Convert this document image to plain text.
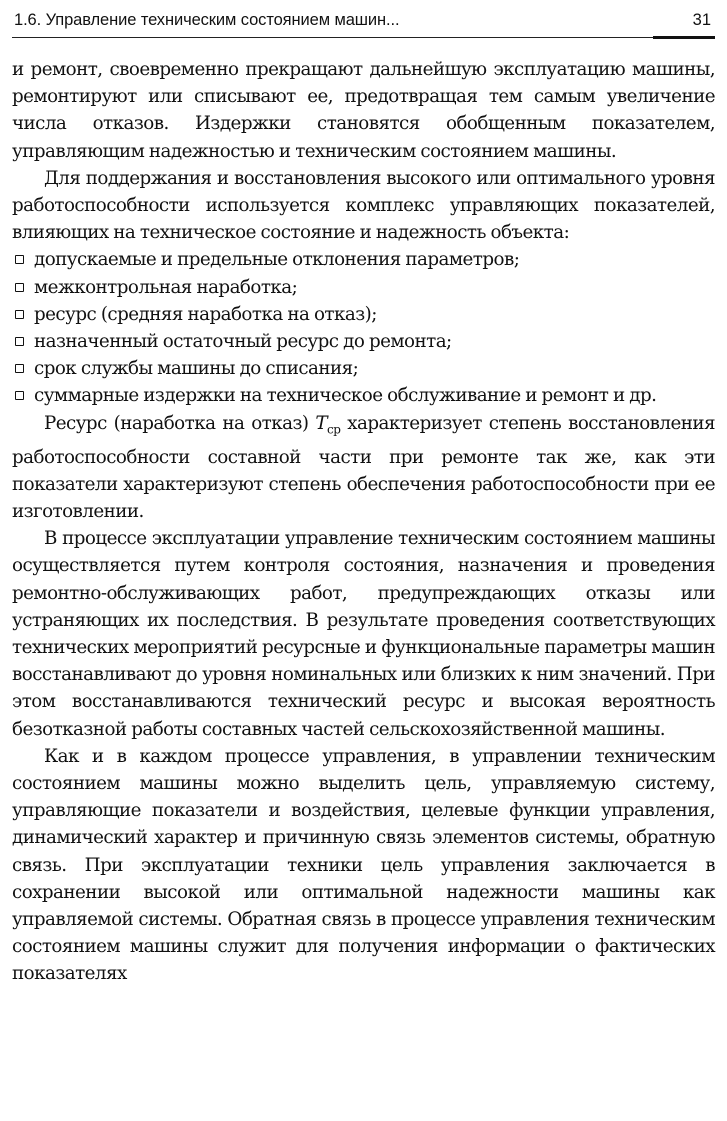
1.6. Управление техническим состоянием машин...	31

и ремонт, своевременно прекращают дальнейшую эксплуатацию машины, ремонтируют или списывают ее, предотвращая тем самым увеличение числа отказов. Издержки становятся обобщенным показателем, управляющим надежностью и техническим состоянием машины.

Для поддержания и восстановления высокого или оптимального уровня работоспособности используется комплекс управляющих показателей, влияющих на техническое состояние и надежность объекта:

допускаемые и предельные отклонения параметров;
межконтрольная наработка;
ресурс (средняя наработка на отказ);
назначенный остаточный ресурс до ремонта;
срок службы машины до списания;
суммарные издержки на техническое обслуживание и ремонт и др.

Ресурс (наработка на отказ) $T_{ср}$ характеризует степень восстановления работоспособности составной части при ремонте так же, как эти показатели характеризуют степень обеспечения работоспособности при ее изготовлении.

В процессе эксплуатации управление техническим состоянием машины осуществляется путем контроля состояния, назначения и проведения ремонтно-обслуживающих работ, предупреждающих отказы или устраняющих их последствия. В результате проведения соответствующих технических мероприятий ресурсные и функциональные параметры машин восстанавливают до уровня номинальных или близких к ним значений. При этом восстанавливаются технический ресурс и высокая вероятность безотказной работы составных частей сельскохозяйственной машины.

Как и в каждом процессе управления, в управлении техническим состоянием машины можно выделить цель, управляемую систему, управляющие показатели и воздействия, целевые функции управления, динамический характер и причинную связь элементов системы, обратную связь. При эксплуатации техники цель управления заключается в сохранении высокой или оптимальной надежности машины как управляемой системы. Обратная связь в процессе управления техническим состоянием машины служит для получения информации о фактических показателях
